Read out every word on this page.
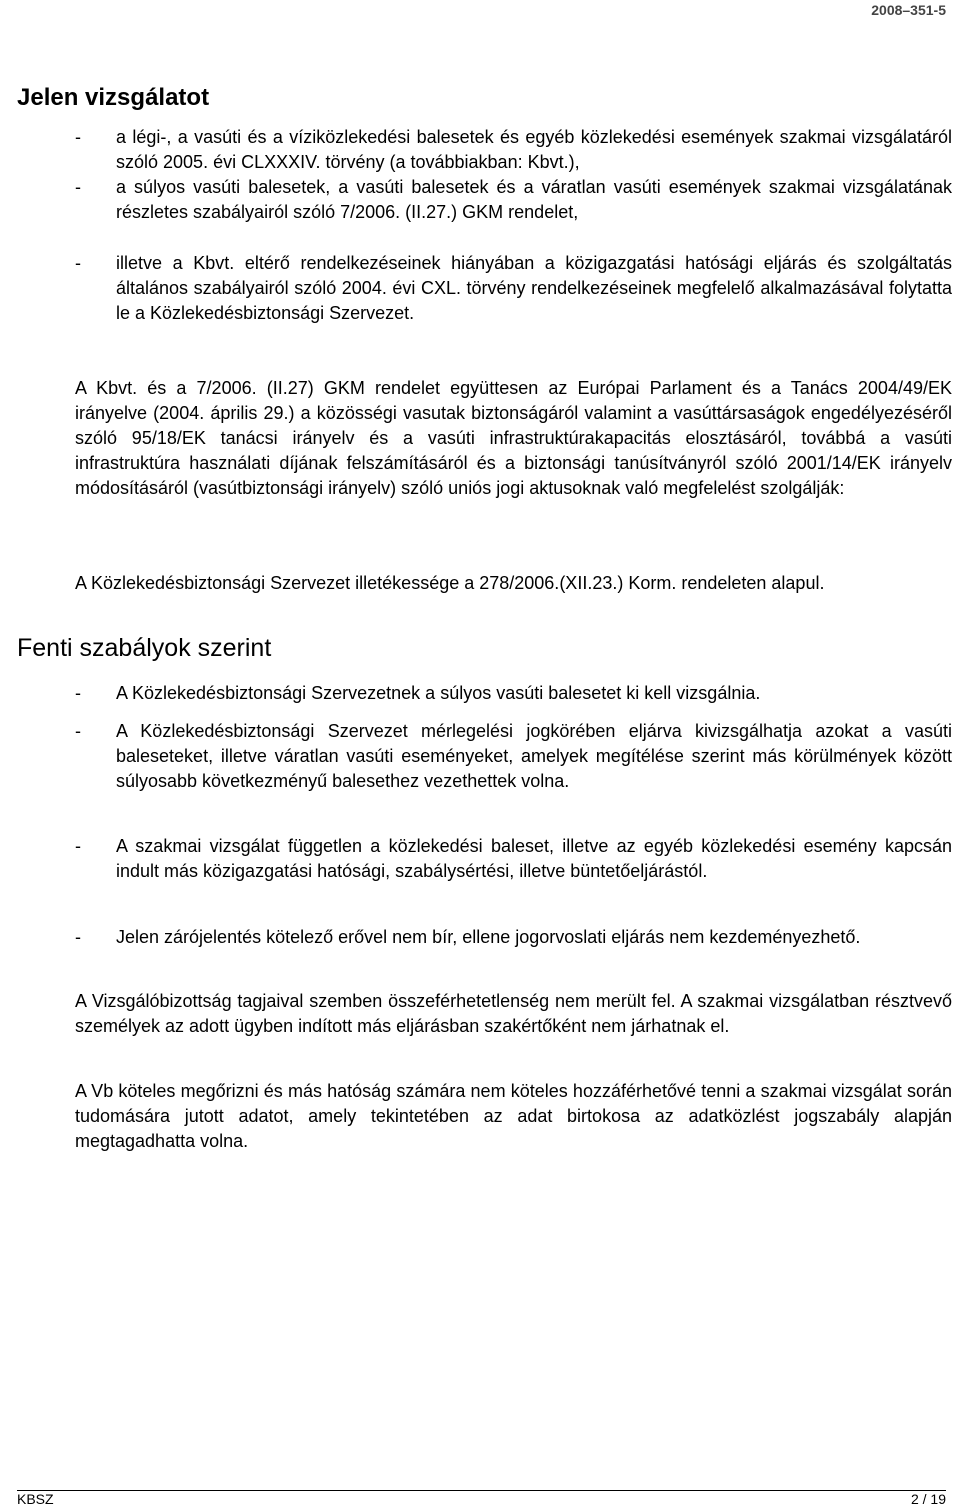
2008–351-5
Jelen vizsgálatot
- a légi-, a vasúti és a víziközlekedési balesetek és egyéb közlekedési események szakmai vizsgálatáról szóló 2005. évi CLXXXIV. törvény (a továbbiakban: Kbvt.),
- a súlyos vasúti balesetek, a vasúti balesetek és a váratlan vasúti események szakmai vizsgálatának részletes szabályairól szóló 7/2006. (II.27.) GKM rendelet,
- illetve a Kbvt. eltérő rendelkezéseinek hiányában a közigazgatási hatósági eljárás és szolgáltatás általános szabályairól szóló 2004. évi CXL. törvény rendelkezéseinek megfelelő alkalmazásával folytatta le a Közlekedésbiztonsági Szervezet.
A Kbvt. és a 7/2006. (II.27) GKM rendelet együttesen az Európai Parlament és a Tanács 2004/49/EK irányelve (2004. április 29.) a közösségi vasutak biztonságáról valamint a vasúttársaságok engedélyezéséről szóló 95/18/EK tanácsi irányelv és a vasúti infrastruktúrakapacitás elosztásáról, továbbá a vasúti infrastruktúra használati díjának felszámításáról és a biztonsági tanúsítványról szóló 2001/14/EK irányelv módosításáról (vasútbiztonsági irányelv) szóló uniós jogi aktusoknak való megfelelést szolgálják:
A Közlekedésbiztonsági Szervezet illetékessége a 278/2006.(XII.23.) Korm. rendeleten alapul.
Fenti szabályok szerint
- A Közlekedésbiztonsági Szervezetnek a súlyos vasúti balesetet ki kell vizsgálnia.
- A Közlekedésbiztonsági Szervezet mérlegelési jogkörében eljárva kivizsgálhatja azokat a vasúti baleseteket, illetve váratlan vasúti eseményeket, amelyek megítélése szerint más körülmények között súlyosabb következményű balesethez vezethettek volna.
- A szakmai vizsgálat független a közlekedési baleset, illetve az egyéb közlekedési esemény kapcsán indult más közigazgatási hatósági, szabálysértési, illetve büntetőeljárástól.
- Jelen zárójelentés kötelező erővel nem bír, ellene jogorvoslati eljárás nem kezdeményezhető.
A Vizsgálóbizottság tagjaival szemben összeférhetetlenség nem merült fel. A szakmai vizsgálatban résztvevő személyek az adott ügyben indított más eljárásban szakértőként nem járhatnak el.
A Vb köteles megőrizni és más hatóság számára nem köteles hozzáférhetővé tenni a szakmai vizsgálat során tudomására jutott adatot, amely tekintetében az adat birtokosa az adatközlést jogszabály alapján megtagadhatta volna.
KBSZ	2 / 19
